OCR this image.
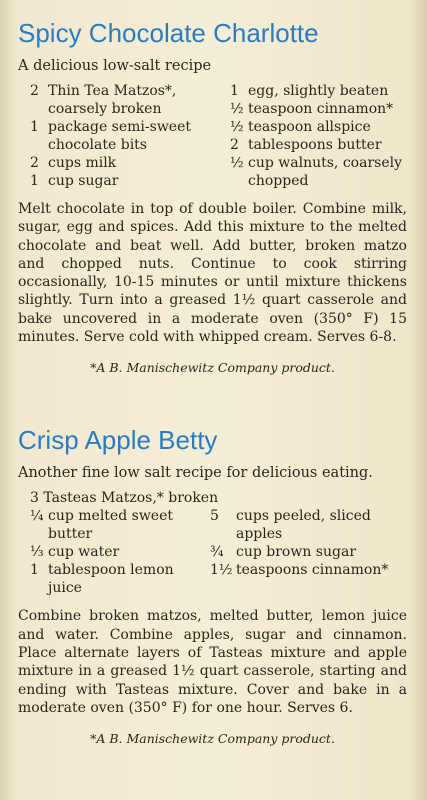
Spicy Chocolate Charlotte

A delicious low-salt recipe

2 Thin Tea Matzos*, coarsely broken
1 package semi-sweet chocolate bits
2 cups milk
1 cup sugar
1 egg, slightly beaten
½ teaspoon cinnamon*
½ teaspoon allspice
2 tablespoons butter
½ cup walnuts, coarsely chopped

Melt chocolate in top of double boiler. Combine milk, sugar, egg and spices. Add this mixture to the melted chocolate and beat well. Add butter, broken matzo and chopped nuts. Continue to cook stirring occasionally, 10-15 minutes or until mixture thickens slightly. Turn into a greased 1½ quart casserole and bake uncovered in a moderate oven (350° F) 15 minutes. Serve cold with whipped cream. Serves 6-8.

*A B. Manischewitz Company product.

Crisp Apple Betty

Another fine low salt recipe for delicious eating.

3 Tasteas Matzos,* broken
¼ cup melted sweet butter
⅓ cup water
1 tablespoon lemon juice
5	cups peeled, sliced apples
¾ cup brown sugar
1½ teaspoons cinnamon*

Combine broken matzos, melted butter, lemon juice and water. Combine apples, sugar and cinnamon. Place alternate layers of Tasteas mixture and apple mixture in a greased 1½ quart casserole, starting and ending with Tasteas mixture. Cover and bake in a moderate oven (350° F) for one hour. Serves 6.

*A B. Manischewitz Company product.
